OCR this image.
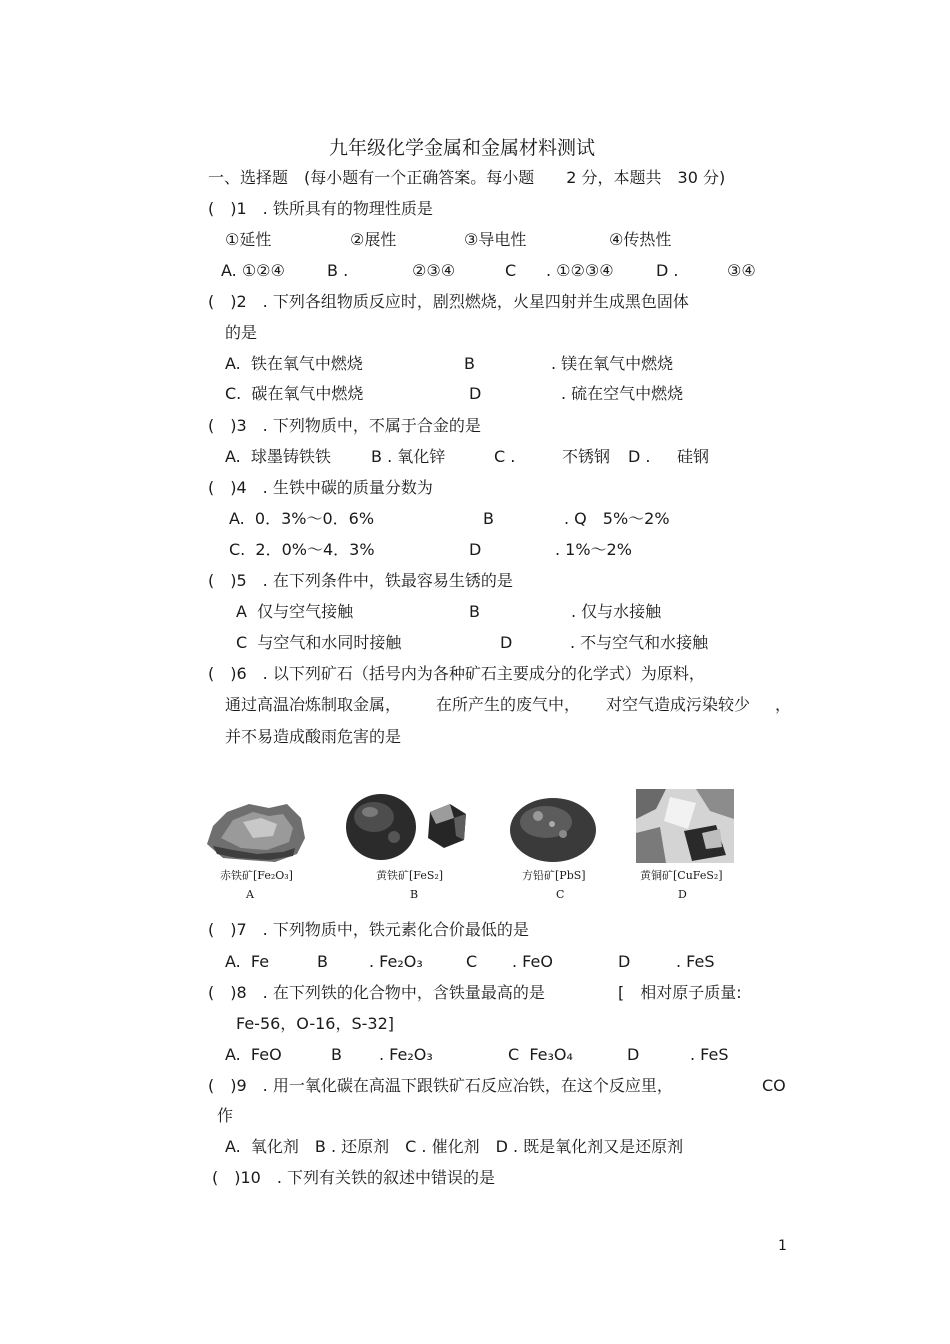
九年级化学金属和金属材料测试
一、选择题　(每小题有一个正确答案。每小题　　2 分，本题共　30 分)
(　)1　. 铁所具有的物理性质是
①延性	②展性	③导电性	④传热性
A. ①②④	B .	②③④	C . ①②③④	D .	③④
(　)2　. 下列各组物质反应时，剧烈燃烧，火星四射并生成黑色固体
的是
A.  铁在氧气中燃烧	B	. 镁在氧气中燃烧
C.  碳在氧气中燃烧	D	. 硫在空气中燃烧
(　)3　. 下列物质中，不属于合金的是
A.  球墨铸铁铁	B . 氧化锌	C .	不锈钢 D . 硅钢
(　)4　. 生铁中碳的质量分数为
A.  0．3%～0．6%	B	. Q　5%～2%
C.  2．0%～4．3%	D	. 1%～2%
(　)5　. 在下列条件中，铁最容易生锈的是
A  仅与空气接触	B	. 仅与水接触
C  与空气和水同时接触	D	. 不与空气和水接触
(　)6　. 以下列矿石（括号内为各种矿石主要成分的化学式）为原料，
通过高温冶炼制取金属， 在所产生的废气中， 对空气造成污染较少 ，
并不易造成酸雨危害的是
赤铁矿[Fe₂O₃]
A
黄铁矿[FeS₂]
B
方铅矿[PbS]
C
黄铜矿[CuFeS₂]
D
(　)7　. 下列物质中，铁元素化合价最低的是
A.  Fe	B	. Fe₂O₃	C . FeO	D	. FeS
(　)8　. 在下列铁的化合物中，含铁量最高的是	[　相对原子质量:
Fe-56，O-16，S-32]
A.  FeO	B . Fe₂O₃	C  Fe₃O₄	D	. FeS
(　)9　. 用一氧化碳在高温下跟铁矿石反应冶铁，在这个反应里，	CO
作
A.  氧化剂　B . 还原剂　C . 催化剂　D . 既是氧化剂又是还原剂
(　)10　. 下列有关铁的叙述中错误的是
1
